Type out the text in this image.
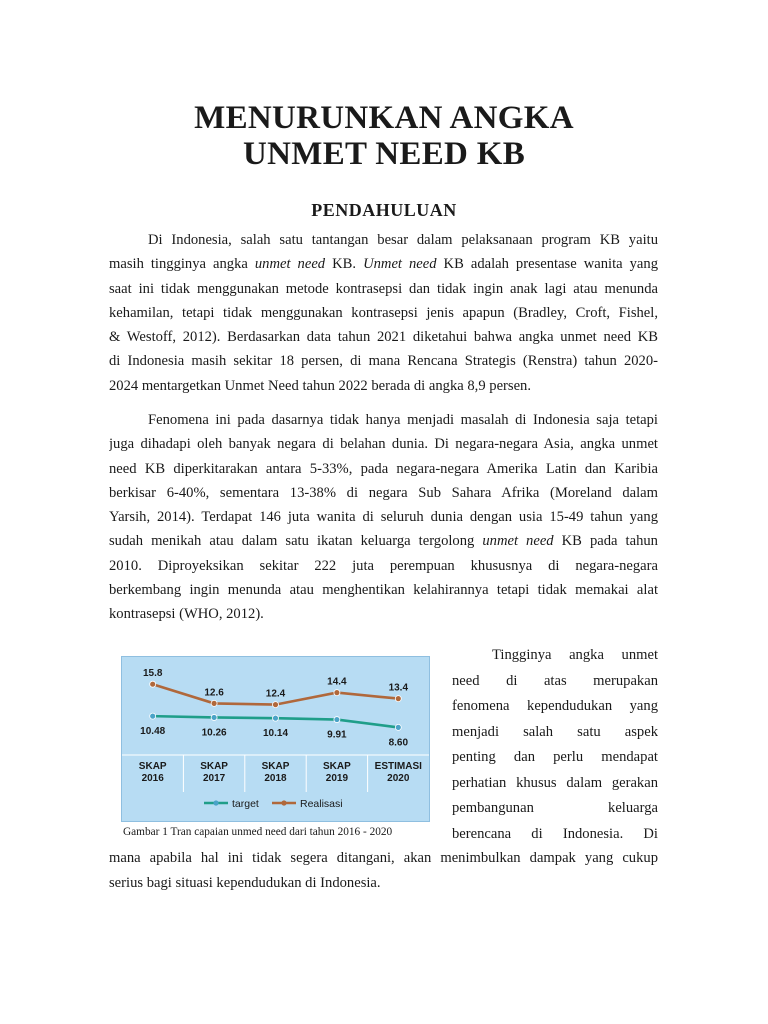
MENURUNKAN ANGKA
UNMET NEED KB
PENDAHULUAN
Di Indonesia, salah satu tantangan besar dalam pelaksanaan program KB yaitu
masih tingginya angka unmet need KB. Unmet need KB adalah presentase wanita yang
saat ini tidak menggunakan metode kontrasepsi dan tidak ingin anak lagi atau menunda
kehamilan, tetapi tidak menggunakan kontrasepsi jenis apapun (Bradley, Croft, Fishel,
& Westoff, 2012). Berdasarkan data tahun 2021 diketahui bahwa angka unmet need KB
di Indonesia masih sekitar 18 persen, di mana Rencana Strategis (Renstra) tahun 2020-
2024 mentargetkan Unmet Need tahun 2022 berada di angka 8,9 persen.
Fenomena ini pada dasarnya tidak hanya menjadi masalah di Indonesia saja tetapi
juga dihadapi oleh banyak negara di belahan dunia. Di negara-negara Asia, angka unmet
need KB diperkitarakan antara 5-33%, pada negara-negara Amerika Latin dan Karibia
berkisar 6-40%, sementara 13-38% di negara Sub Sahara Afrika (Moreland dalam
Yarsih, 2014). Terdapat 146 juta wanita di seluruh dunia dengan usia 15-49 tahun yang
sudah menikah atau dalam satu ikatan keluarga tergolong unmet need KB pada tahun
2010. Diproyeksikan sekitar 222 juta perempuan khususnya di negara-negara
berkembang ingin menunda atau menghentikan kelahirannya tetapi tidak memakai alat
kontrasepsi (WHO, 2012).
10.48	10.26	10.14	9.91
8.60
15.8
12.6	12.4
14.4
13.4
SKAP 2016
SKAP 2017
SKAP 2018
SKAP 2019
ESTIMASI 2020
target	Realisasi

Gambar 1 Tran capaian unmed need dari tahun 2016 - 2020

Tingginya angka unmet
need di atas merupakan
fenomena kependudukan yang
menjadi salah satu aspek
penting dan perlu mendapat
perhatian khusus dalam gerakan
pembangunan keluarga
berencana di Indonesia. Di
mana apabila hal ini tidak segera ditangani, akan menimbulkan dampak yang cukup
serius bagi situasi kependudukan di Indonesia.
